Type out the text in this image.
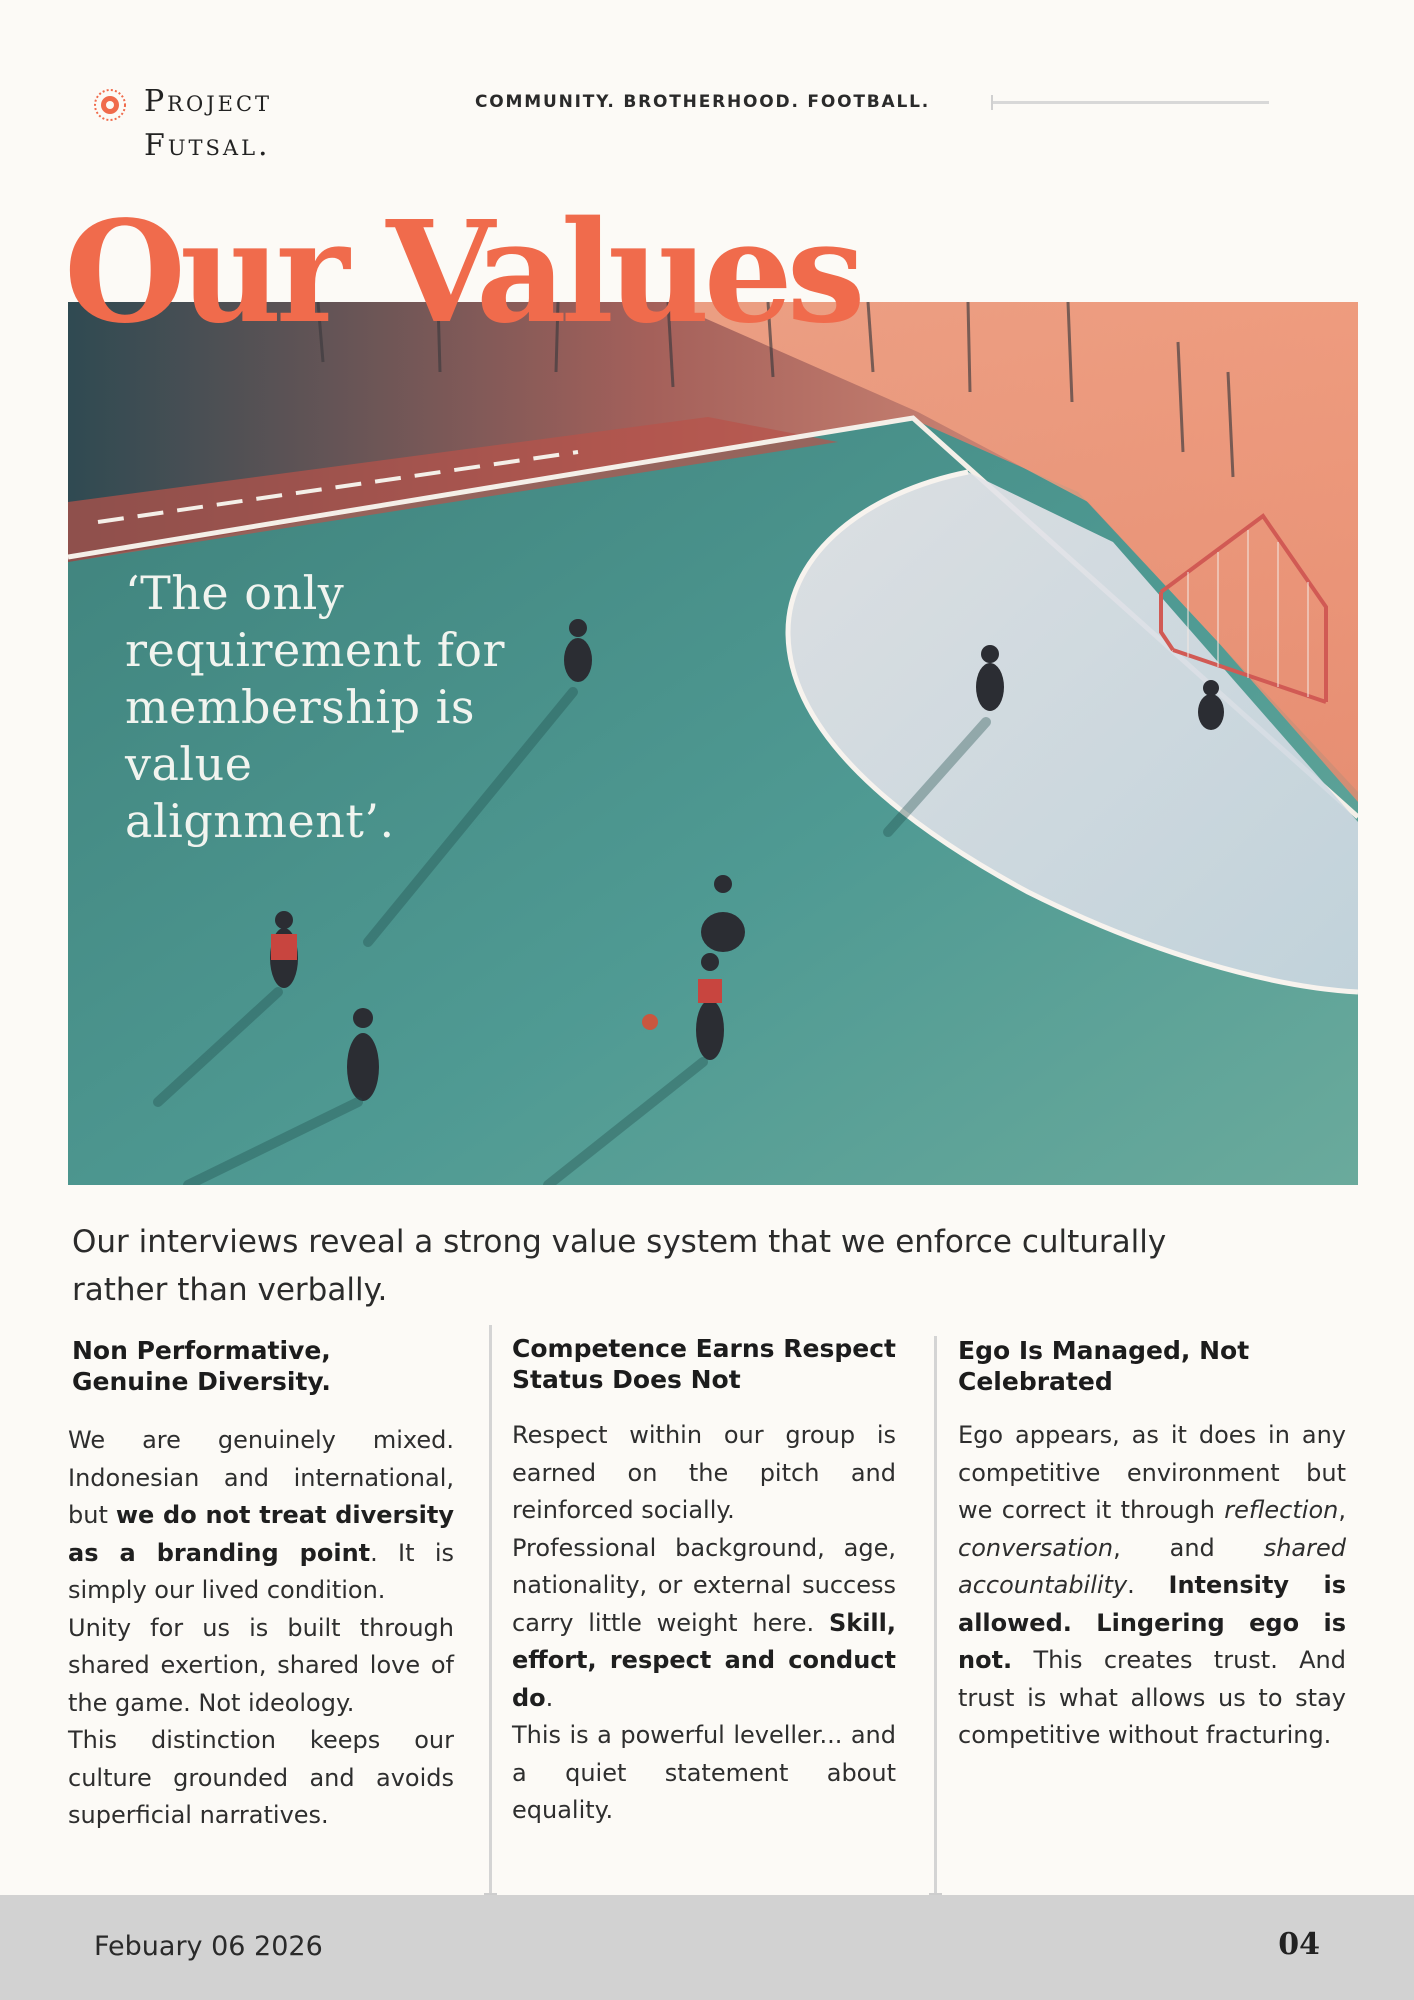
Project
Futsal.
COMMUNITY. BROTHERHOOD. FOOTBALL.
Our Values
‘The only requirement for membership is value alignment’.
Our interviews reveal a strong value system that we enforce culturally rather than verbally.
Non Performative, Genuine Diversity.

We are genuinely mixed. Indonesian and international, but we do not treat diversity as a branding point. It is simply our lived condition.

Unity for us is built through shared exertion, shared love of the game. Not ideology.

This distinction keeps our culture grounded and avoids superficial narratives.

Competence Earns Respect Status Does Not

Respect within our group is earned on the pitch and reinforced socially.

Professional background, age, nationality, or external success carry little weight here. Skill, effort, respect and conduct do.

This is a powerful leveller... and a quiet statement about equality.

Ego Is Managed, Not Celebrated

Ego appears, as it does in any competitive environment but we correct it through reflection, conversation, and shared accountability. Intensity is allowed. Lingering ego is not. This creates trust. And trust is what allows us to stay competitive without fracturing.

Febuary 06 2026	04
